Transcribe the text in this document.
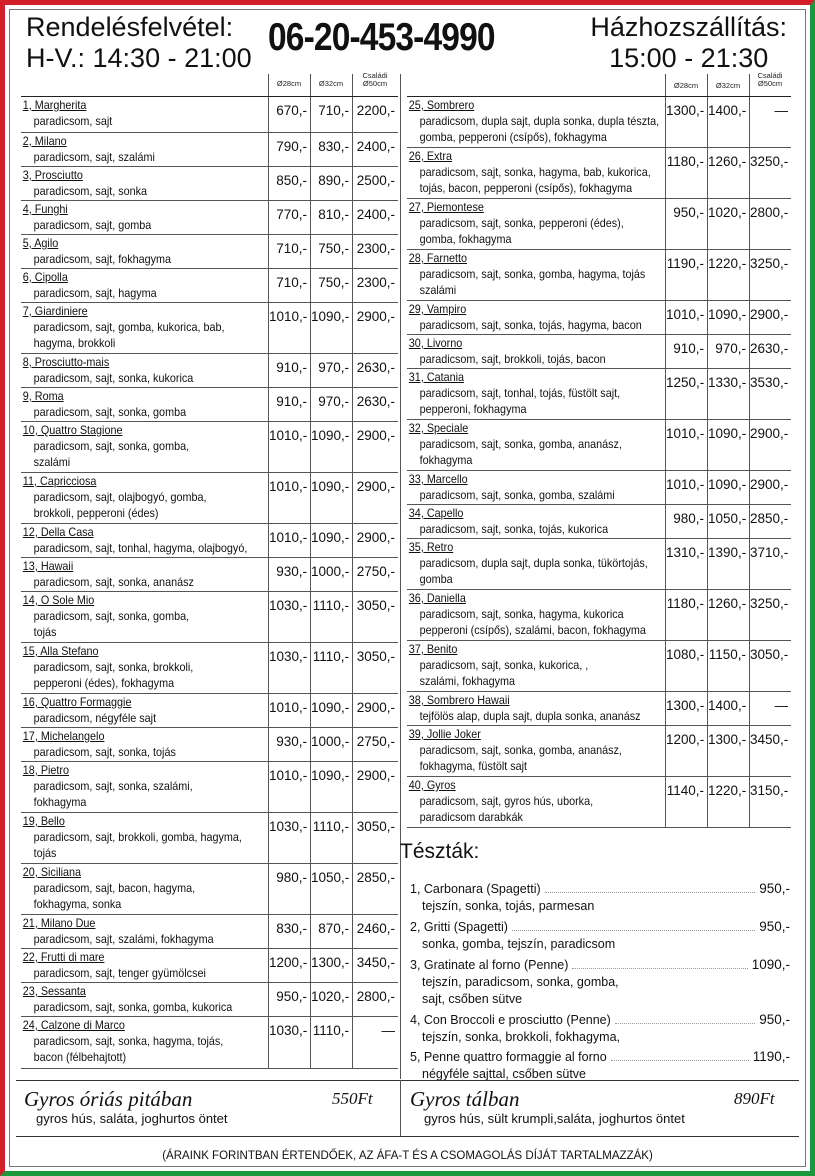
Rendelésfelvétel:
H-V.: 14:30 - 21:00 06-20-453-4990	Házhozszállítás:
15:00 - 21:30
Ø28cm	Ø32cm
Családi
Ø50cm	Ø28cm	Ø32cm
Családi
Ø50cm
1, Margherita
paradicsom, sajt
670,- 710,- 2200,-
2, Milano
paradicsom, sajt, szalámi
790,- 830,- 2400,-
3, Prosciutto
paradicsom, sajt, sonka
850,- 890,- 2500,-
4, Funghi
paradicsom, sajt, gomba
770,- 810,- 2400,-
5, Agilo
paradicsom, sajt, fokhagyma
710,- 750,- 2300,-
6, Cipolla
paradicsom, sajt, hagyma
710,- 750,- 2300,-
7, Giardiniere
paradicsom, sajt, gomba, kukorica, bab,
hagyma, brokkoli
1010,- 1090,- 2900,-
8, Prosciutto-mais
paradicsom, sajt, sonka, kukorica
910,- 970,- 2630,-
9, Roma
paradicsom, sajt, sonka, gomba
910,- 970,- 2630,-
10, Quattro Stagione
paradicsom, sajt, sonka, gomba,
szalámi
1010,- 1090,- 2900,-
11, Capricciosa
paradicsom, sajt, olajbogyó, gomba,
brokkoli, pepperoni (édes)
1010,- 1090,- 2900,-
12, Della Casa
paradicsom, sajt, tonhal, hagyma, olajbogyó,
1010,- 1090,- 2900,-
13, Hawaii
paradicsom, sajt, sonka, ananász
930,- 1000,- 2750,-
14, O Sole Mio
paradicsom, sajt, sonka, gomba,
tojás
1030,- 1110,- 3050,-
15, Alla Stefano
paradicsom, sajt, sonka, brokkoli,
pepperoni (édes), fokhagyma
1030,- 1110,- 3050,-
16, Quattro Formaggie
paradicsom, négyféle sajt
1010,- 1090,- 2900,-
17, Michelangelo
paradicsom, sajt, sonka, tojás
930,- 1000,- 2750,-
18, Pietro
paradicsom, sajt, sonka, szalámi,
fokhagyma
1010,- 1090,- 2900,-
19, Bello
paradicsom, sajt, brokkoli, gomba, hagyma,
tojás
1030,- 1110,- 3050,-
20, Siciliana
paradicsom, sajt, bacon, hagyma,
fokhagyma, sonka
980,- 1050,- 2850,-
21, Milano Due
paradicsom, sajt, szalámi, fokhagyma
830,- 870,- 2460,-
22, Frutti di mare
paradicsom, sajt, tenger gyümölcsei
1200,- 1300,- 3450,-
23, Sessanta
paradicsom, sajt, sonka, gomba, kukorica
950,- 1020,- 2800,-
24, Calzone di Marco
paradicsom, sajt, sonka, hagyma, tojás,
bacon (félbehajtott)
1030,- 1110,-	—
25, Sombrero
paradicsom, dupla sajt, dupla sonka, dupla tészta,
gomba, pepperoni (csípős), fokhagyma
1300,- 1400,-	—
26, Extra
paradicsom, sajt, sonka, hagyma, bab, kukorica,
tojás, bacon, pepperoni (csípős), fokhagyma
1180,- 1260,- 3250,-
27, Piemontese
paradicsom, sajt, sonka, pepperoni (édes),
gomba, fokhagyma
950,- 1020,- 2800,-
28, Farnetto
paradicsom, sajt, sonka, gomba, hagyma, tojás
szalámi
1190,- 1220,- 3250,-
29, Vampiro
paradicsom, sajt, sonka, tojás, hagyma, bacon
1010,- 1090,- 2900,-
30, Livorno
paradicsom, sajt, brokkoli, tojás, bacon
910,- 970,- 2630,-
31, Catania
paradicsom, sajt, tonhal, tojás, füstölt sajt,
pepperoni, fokhagyma
1250,- 1330,- 3530,-
32, Speciale
paradicsom, sajt, sonka, gomba, ananász,
fokhagyma
1010,- 1090,- 2900,-
33, Marcello
paradicsom, sajt, sonka, gomba, szalámi
1010,- 1090,- 2900,-
34, Capello
paradicsom, sajt, sonka, tojás, kukorica
980,- 1050,- 2850,-
35, Retro
paradicsom, dupla sajt, dupla sonka, tükörtojás,
gomba
1310,- 1390,- 3710,-
36, Daniella
paradicsom, sajt, sonka, hagyma, kukorica
pepperoni (csípős), szalámi, bacon, fokhagyma
1180,- 1260,- 3250,-
37, Benito
paradicsom, sajt, sonka, kukorica, ,
szalámi, fokhagyma
1080,- 1150,- 3050,-
38, Sombrero Hawaii
tejfölös alap, dupla sajt, dupla sonka, ananász
1300,- 1400,-	—
39, Jollie Joker
paradicsom, sajt, sonka, gomba, ananász,
fokhagyma, füstölt sajt
1200,- 1300,- 3450,-
40, Gyros
paradicsom, sajt, gyros hús, uborka,
paradicsom darabkák
1140,- 1220,- 3150,-
Tészták:
1, Carbonara (Spagetti)	950,-
tejszín, sonka, tojás, parmesan
2, Gritti (Spagetti)	950,-
sonka, gomba, tejszín, paradicsom
3, Gratinate al forno (Penne)	1090,-
tejszín, paradicsom, sonka, gomba,
sajt, csőben sütve
4, Con Broccoli e prosciutto (Penne)	950,-
tejszín, sonka, brokkoli, fokhagyma,
5, Penne quattro formaggie al forno	1190,-
négyféle sajttal, csőben sütve
Gyros óriás pitában	550Ft
gyros hús, saláta, joghurtos öntet
Gyros tálban	890Ft
gyros hús, sült krumpli,saláta, joghurtos öntet
(ÁRAINK FORINTBAN ÉRTENDŐEK, AZ ÁFA-T ÉS A CSOMAGOLÁS DÍJÁT TARTALMAZZÁK)
